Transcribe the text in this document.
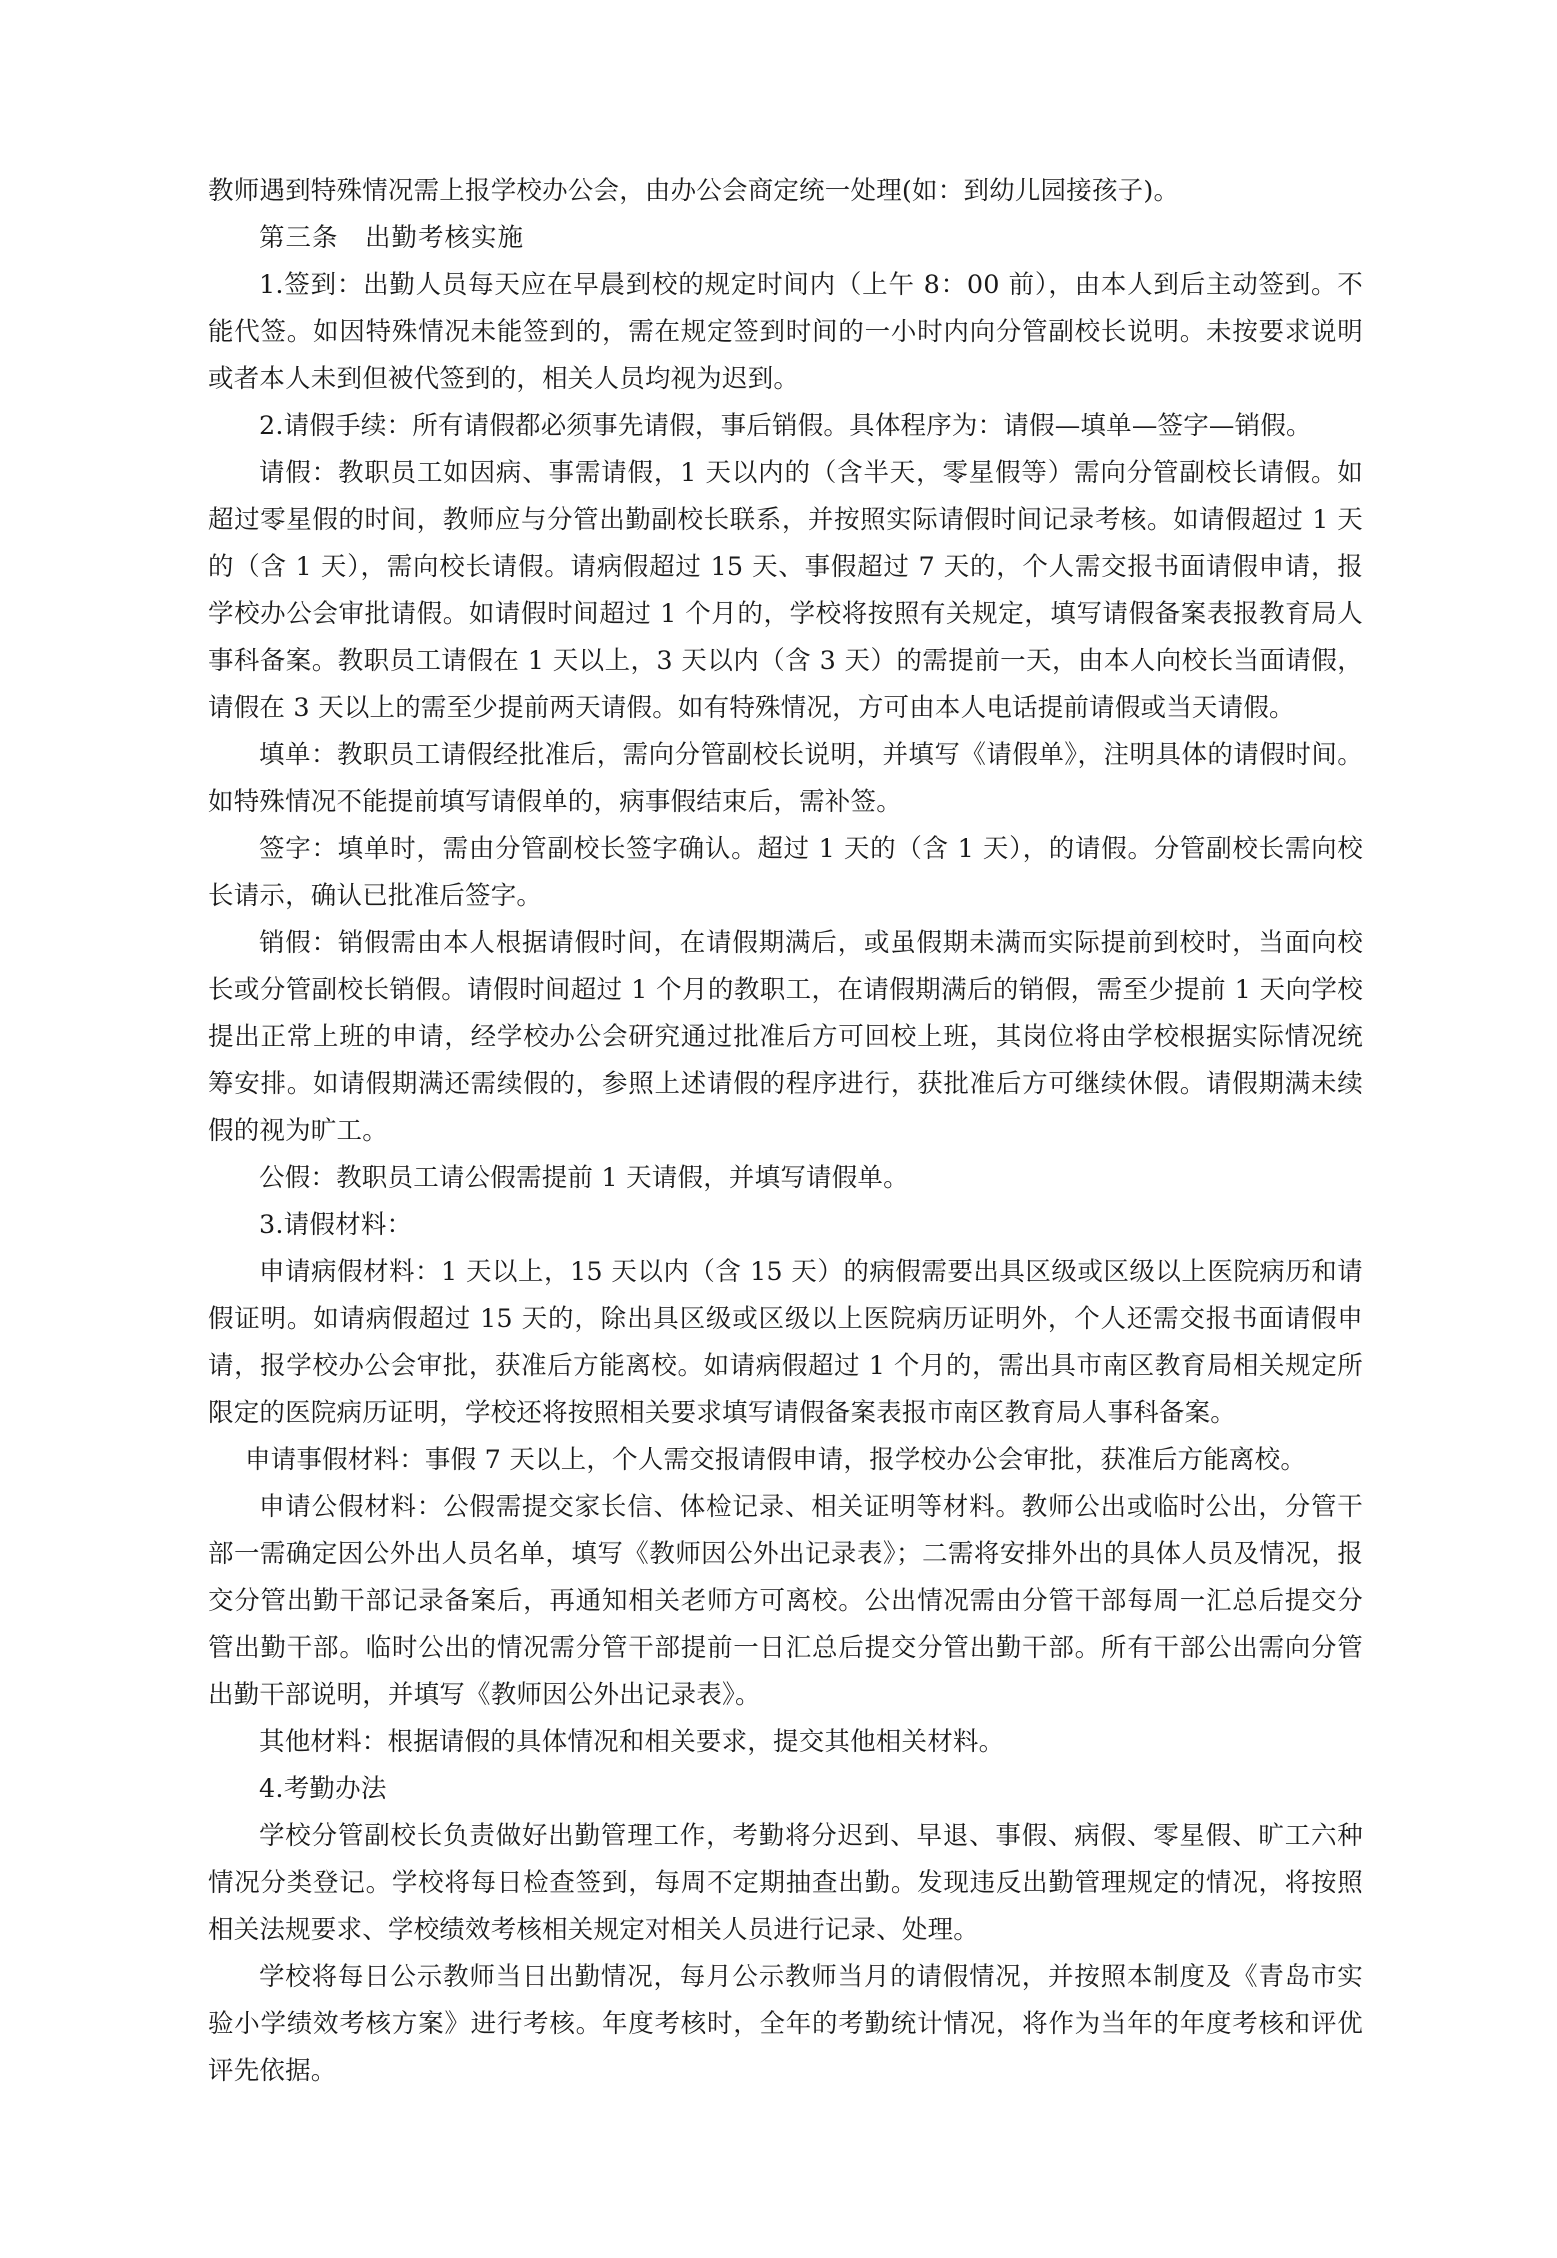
教师遇到特殊情况需上报学校办公会，由办公会商定统一处理(如：到幼儿园接孩子)。

第三条　出勤考核实施

1.签到：出勤人员每天应在早晨到校的规定时间内（上午 8：00 前），由本人到后主动签到。不能代签。如因特殊情况未能签到的，需在规定签到时间的一小时内向分管副校长说明。未按要求说明或者本人未到但被代签到的，相关人员均视为迟到。

2.请假手续：所有请假都必须事先请假，事后销假。具体程序为：请假—填单—签字—销假。

请假：教职员工如因病、事需请假，1 天以内的（含半天，零星假等）需向分管副校长请假。如超过零星假的时间，教师应与分管出勤副校长联系，并按照实际请假时间记录考核。如请假超过 1 天的（含 1 天），需向校长请假。请病假超过 15 天、事假超过 7 天的，个人需交报书面请假申请，报学校办公会审批请假。如请假时间超过 1 个月的，学校将按照有关规定，填写请假备案表报教育局人事科备案。教职员工请假在 1 天以上，3 天以内（含 3 天）的需提前一天，由本人向校长当面请假，请假在 3 天以上的需至少提前两天请假。如有特殊情况，方可由本人电话提前请假或当天请假。

填单：教职员工请假经批准后，需向分管副校长说明，并填写《请假单》，注明具体的请假时间。如特殊情况不能提前填写请假单的，病事假结束后，需补签。

签字：填单时，需由分管副校长签字确认。超过 1 天的（含 1 天），的请假。分管副校长需向校长请示，确认已批准后签字。

销假：销假需由本人根据请假时间，在请假期满后，或虽假期未满而实际提前到校时，当面向校长或分管副校长销假。请假时间超过 1 个月的教职工，在请假期满后的销假，需至少提前 1 天向学校提出正常上班的申请，经学校办公会研究通过批准后方可回校上班，其岗位将由学校根据实际情况统筹安排。如请假期满还需续假的，参照上述请假的程序进行，获批准后方可继续休假。请假期满未续假的视为旷工。

公假：教职员工请公假需提前 1 天请假，并填写请假单。

3.请假材料：

申请病假材料：1 天以上，15 天以内（含 15 天）的病假需要出具区级或区级以上医院病历和请假证明。如请病假超过 15 天的，除出具区级或区级以上医院病历证明外，个人还需交报书面请假申请，报学校办公会审批，获准后方能离校。如请病假超过 1 个月的，需出具市南区教育局相关规定所限定的医院病历证明，学校还将按照相关要求填写请假备案表报市南区教育局人事科备案。

申请事假材料：事假 7 天以上，个人需交报请假申请，报学校办公会审批，获准后方能离校。

申请公假材料：公假需提交家长信、体检记录、相关证明等材料。教师公出或临时公出，分管干部一需确定因公外出人员名单，填写《教师因公外出记录表》；二需将安排外出的具体人员及情况，报交分管出勤干部记录备案后，再通知相关老师方可离校。公出情况需由分管干部每周一汇总后提交分管出勤干部。临时公出的情况需分管干部提前一日汇总后提交分管出勤干部。所有干部公出需向分管出勤干部说明，并填写《教师因公外出记录表》。

其他材料：根据请假的具体情况和相关要求，提交其他相关材料。

4.考勤办法

学校分管副校长负责做好出勤管理工作，考勤将分迟到、早退、事假、病假、零星假、旷工六种情况分类登记。学校将每日检查签到，每周不定期抽查出勤。发现违反出勤管理规定的情况，将按照相关法规要求、学校绩效考核相关规定对相关人员进行记录、处理。

学校将每日公示教师当日出勤情况，每月公示教师当月的请假情况，并按照本制度及《青岛市实验小学绩效考核方案》进行考核。年度考核时，全年的考勤统计情况，将作为当年的年度考核和评优评先依据。
